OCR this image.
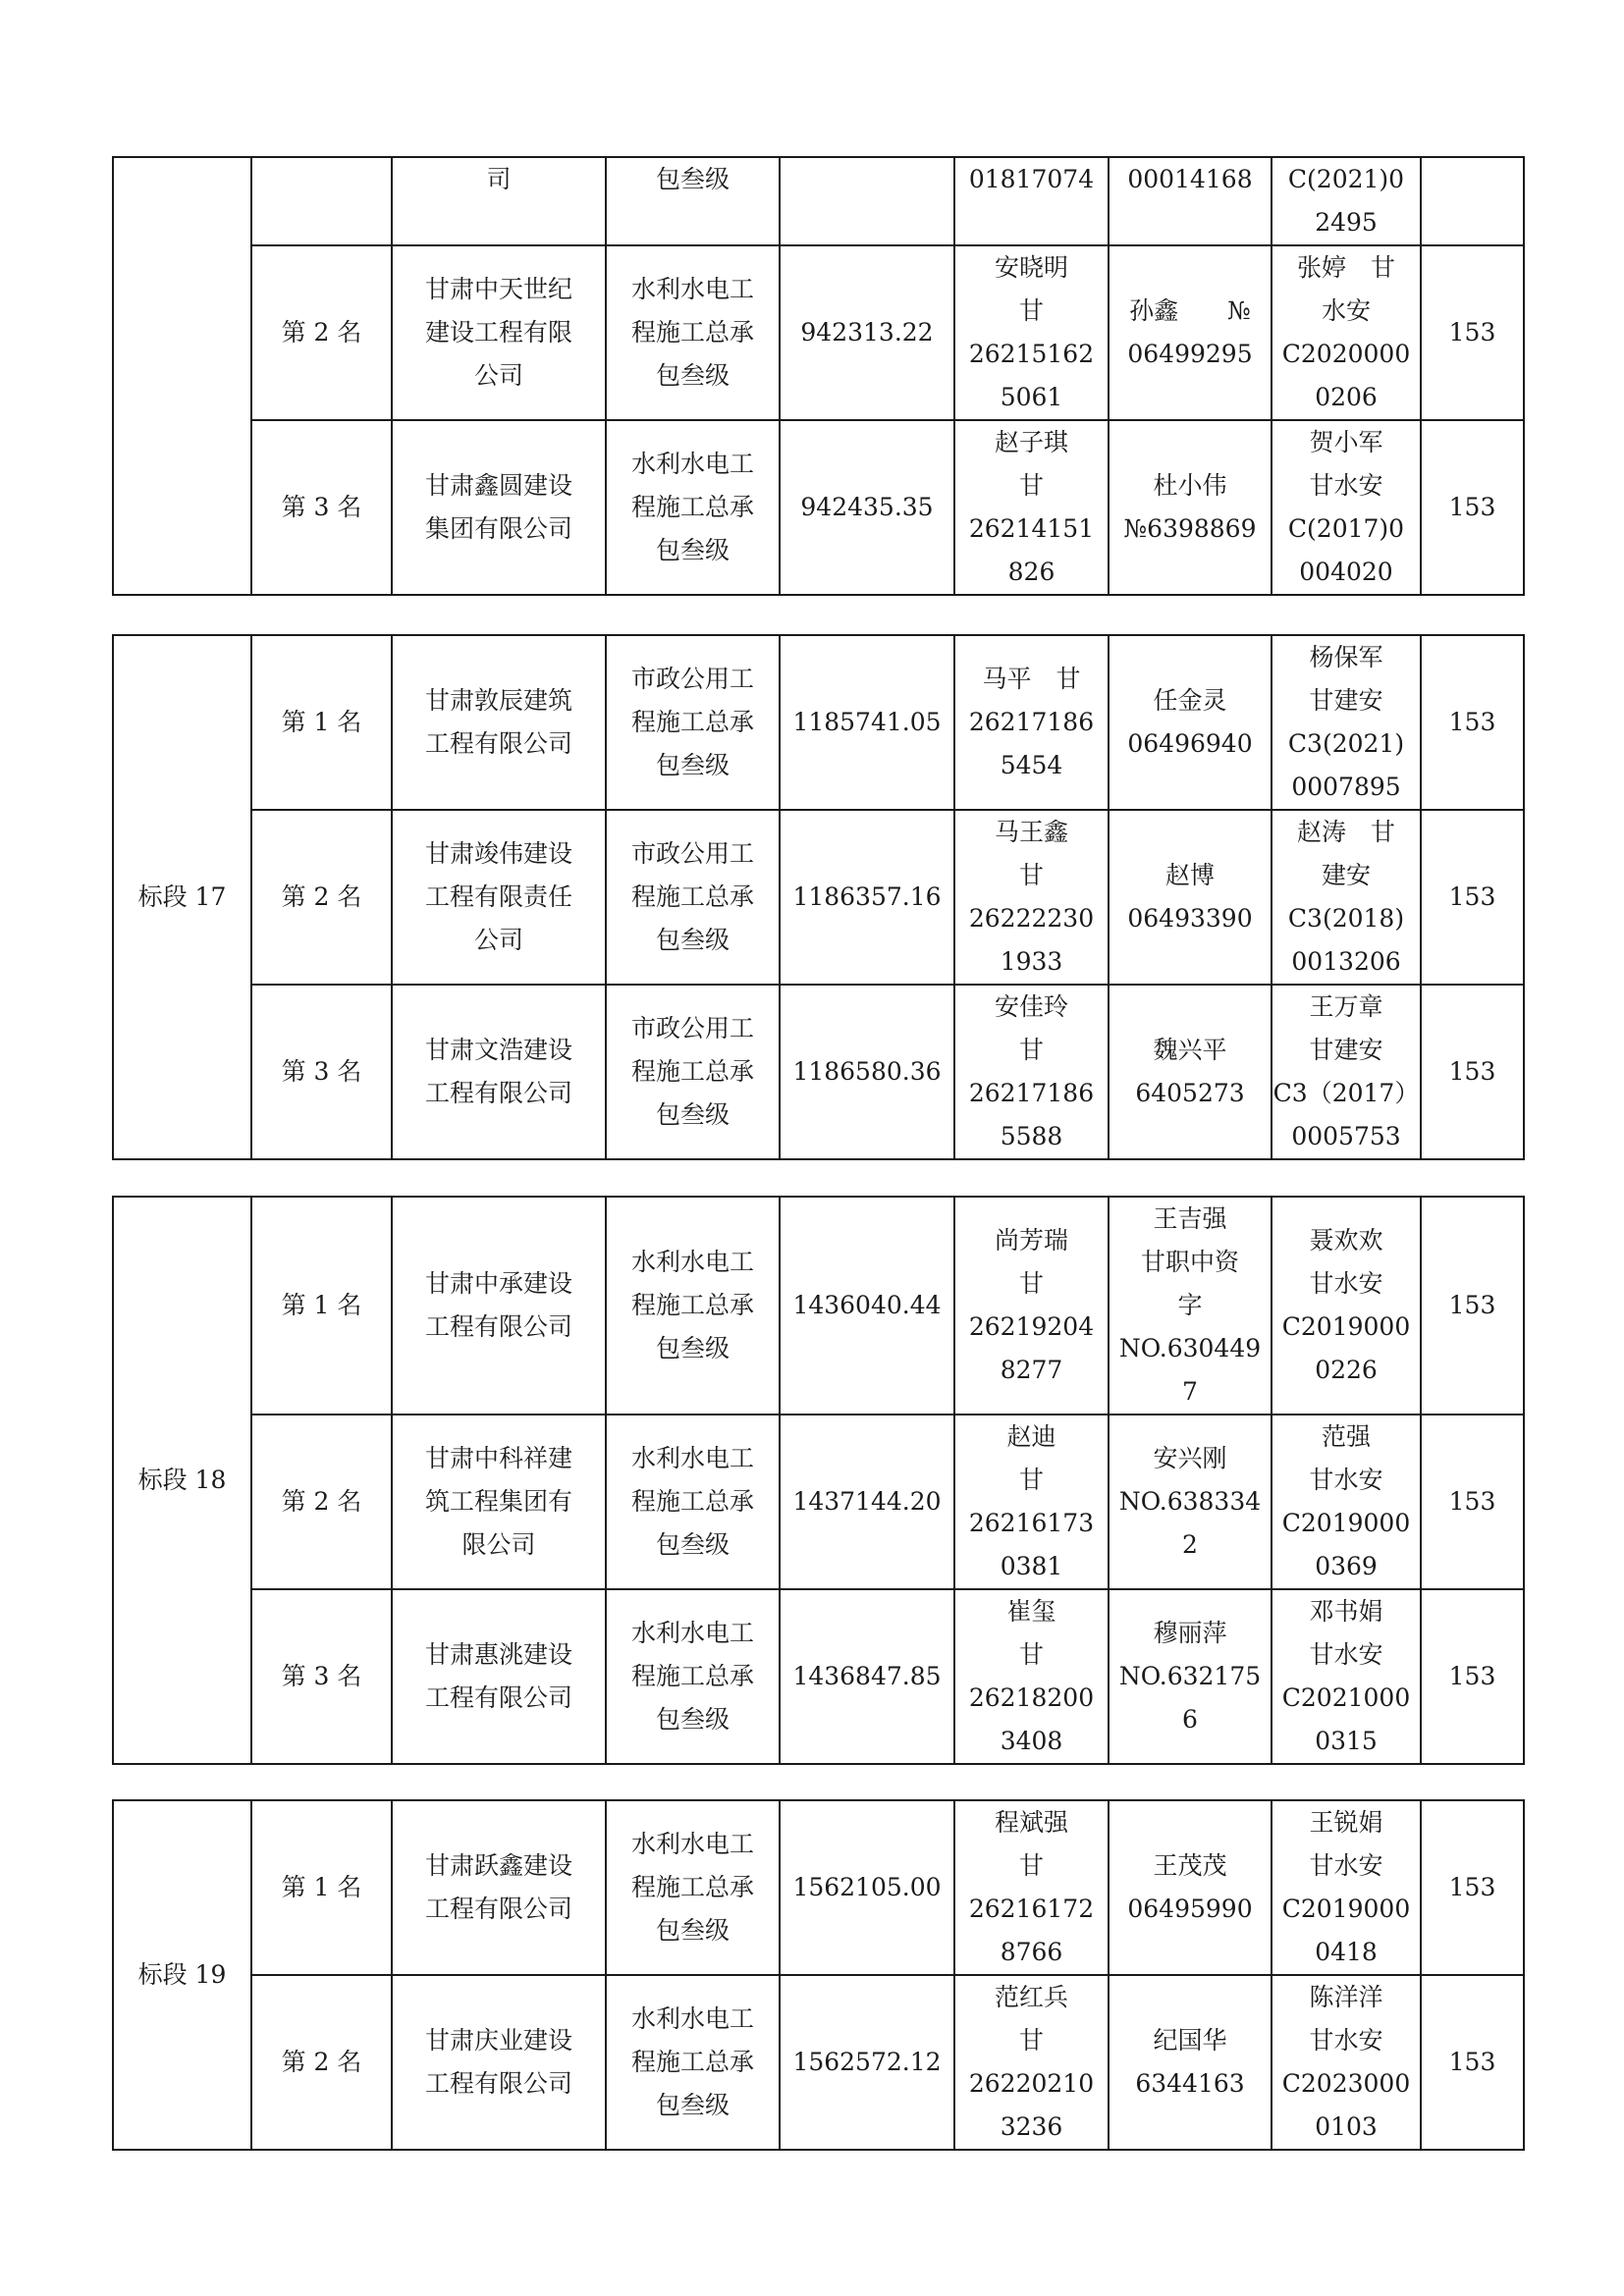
		司	包叁级		01817074	00014168	C(2021)0
2495	
	第 2 名	甘肃中天世纪
建设工程有限
公司	水利水电工
程施工总承
包叁级	942313.22	安晓明
甘
26215162
5061	孙鑫　　№
06499295	张婷　甘
水安
C2020000
0206	153
	第 3 名	甘肃鑫圆建设
集团有限公司	水利水电工
程施工总承
包叁级	942435.35	赵子琪
甘
26214151
826	杜小伟
№6398869	贺小军
甘水安
C(2017)0
004020	153
标段 17	第 1 名	甘肃敦辰建筑
工程有限公司	市政公用工
程施工总承
包叁级	1185741.05	马平　甘
26217186
5454	任金灵
06496940	杨保军
甘建安
C3(2021)
0007895	153
	第 2 名	甘肃竣伟建设
工程有限责任
公司	市政公用工
程施工总承
包叁级	1186357.16	马王鑫
甘
26222230
1933	赵博
06493390	赵涛　甘
建安
C3(2018)
0013206	153
	第 3 名	甘肃文浩建设
工程有限公司	市政公用工
程施工总承
包叁级	1186580.36	安佳玲
甘
26217186
5588	魏兴平
6405273	王万章
甘建安
C3（2017）
0005753	153
标段 18	第 1 名	甘肃中承建设
工程有限公司	水利水电工
程施工总承
包叁级	1436040.44	尚芳瑞
甘
26219204
8277	王吉强
甘职中资
字
NO.630449
7	聂欢欢
甘水安
C2019000
0226	153
	第 2 名	甘肃中科祥建
筑工程集团有
限公司	水利水电工
程施工总承
包叁级	1437144.20	赵迪
甘
26216173
0381	安兴刚
NO.638334
2	范强
甘水安
C2019000
0369	153
	第 3 名	甘肃惠洮建设
工程有限公司	水利水电工
程施工总承
包叁级	1436847.85	崔玺
甘
26218200
3408	穆丽萍
NO.632175
6	邓书娟
甘水安
C2021000
0315	153
标段 19	第 1 名	甘肃跃鑫建设
工程有限公司	水利水电工
程施工总承
包叁级	1562105.00	程斌强
甘
26216172
8766	王茂茂
06495990	王锐娟
甘水安
C2019000
0418	153
	第 2 名	甘肃庆业建设
工程有限公司	水利水电工
程施工总承
包叁级	1562572.12	范红兵
甘
26220210
3236	纪国华
6344163	陈洋洋
甘水安
C2023000
0103	153
